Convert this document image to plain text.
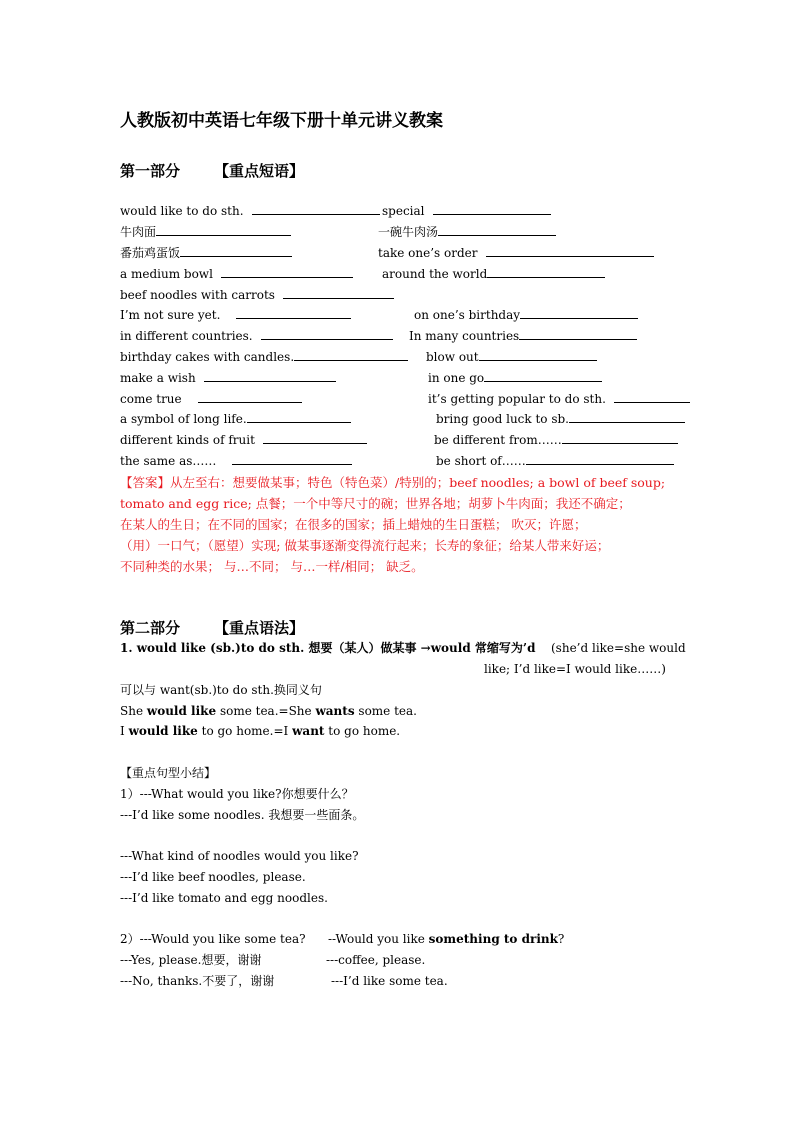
人教版初中英语七年级下册十单元讲义教案
第一部分 【重点短语】
would like to do sth.
牛肉面
番茄鸡蛋饭
a medium bowl
beef noodles with carrots
I’m not sure yet.
in different countries.
birthday cakes with candles.
make a wish
come true
a symbol of long life.
different kinds of fruit
the same as……
special
一碗牛肉汤
take one’s order
around the world
on one’s birthday
In many countries
blow out
in one go
it’s getting popular to do sth.
bring good luck to sb.
be different from……
be short of……
【答案】从左至右：想要做某事；特色（特色菜）/特别的；beef noodles; a bowl of beef soup;
tomato and egg rice; 点餐；一个中等尺寸的碗；世界各地；胡萝卜牛肉面；我还不确定；
在某人的生日；在不同的国家；在很多的国家；插上蜡烛的生日蛋糕； 吹灭；许愿；
（用）一口气；（愿望）实现; 做某事逐渐变得流行起来；长寿的象征；给某人带来好运；
不同种类的水果； 与…不同； 与…一样/相同； 缺乏。
第二部分 【重点语法】
1. would like (sb.)to do sth. 想要（某人）做某事 →would 常缩写为’d (she’d like=she would
like; I’d like=I would like……)
可以与 want(sb.)to do sth.换同义句
She would like some tea.=She wants some tea.
I would like to go home.=I want to go home.
【重点句型小结】
1）---What would you like?你想要什么？
---I’d like some noodles. 我想要一些面条。
---What kind of noodles would you like?
---I’d like beef noodles, please.
---I’d like tomato and egg noodles.
2）---Would you like some tea?
---Yes, please.想要，谢谢
---No, thanks.不要了，谢谢
--Would you like something to drink?
---coffee, please.
---I’d like some tea.
